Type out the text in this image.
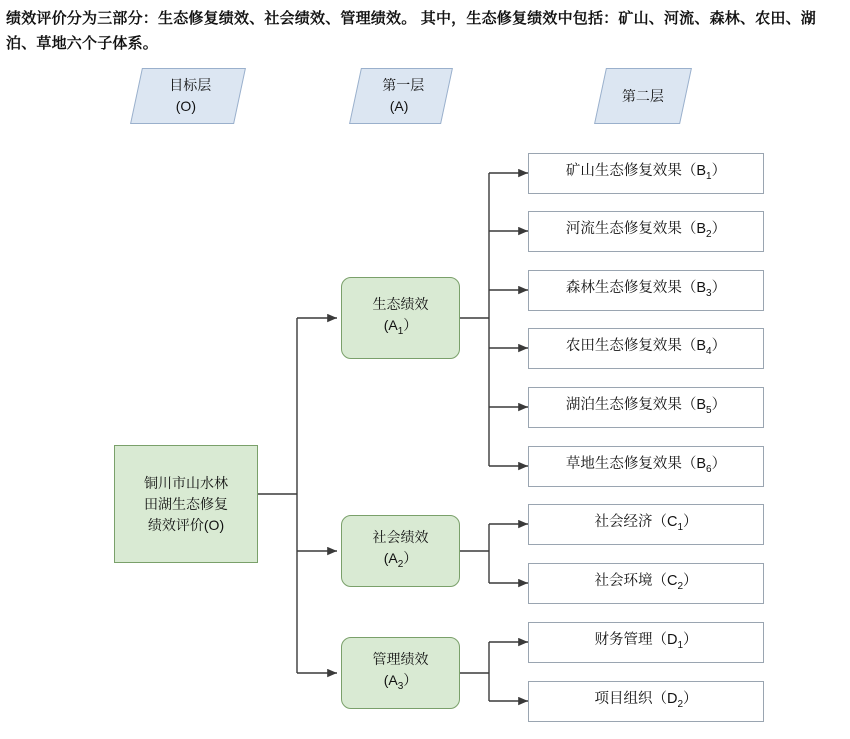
绩效评价分为三部分：生态修复绩效、社会绩效、管理绩效。 其中，生态修复绩效中包括：矿山、河流、森林、农田、湖泊、草地六个子体系。
目标层
(O)
第一层
(A)
第二层
铜川市山水林
田湖生态修复
绩效评价(O)
生态绩效
$(A_1)$
社会绩效
$(A_2)$
管理绩效
$(A_3)$
矿山生态修复效果$(B_1)$
河流生态修复效果$(B_2)$
森林生态修复效果$(B_3)$
农田生态修复效果$(B_4)$
湖泊生态修复效果$(B_5)$
草地生态修复效果$(B_6)$
社会经济$(C_1)$
社会环境$(C_2)$
财务管理$(D_1)$
项目组织$(D_2)$
